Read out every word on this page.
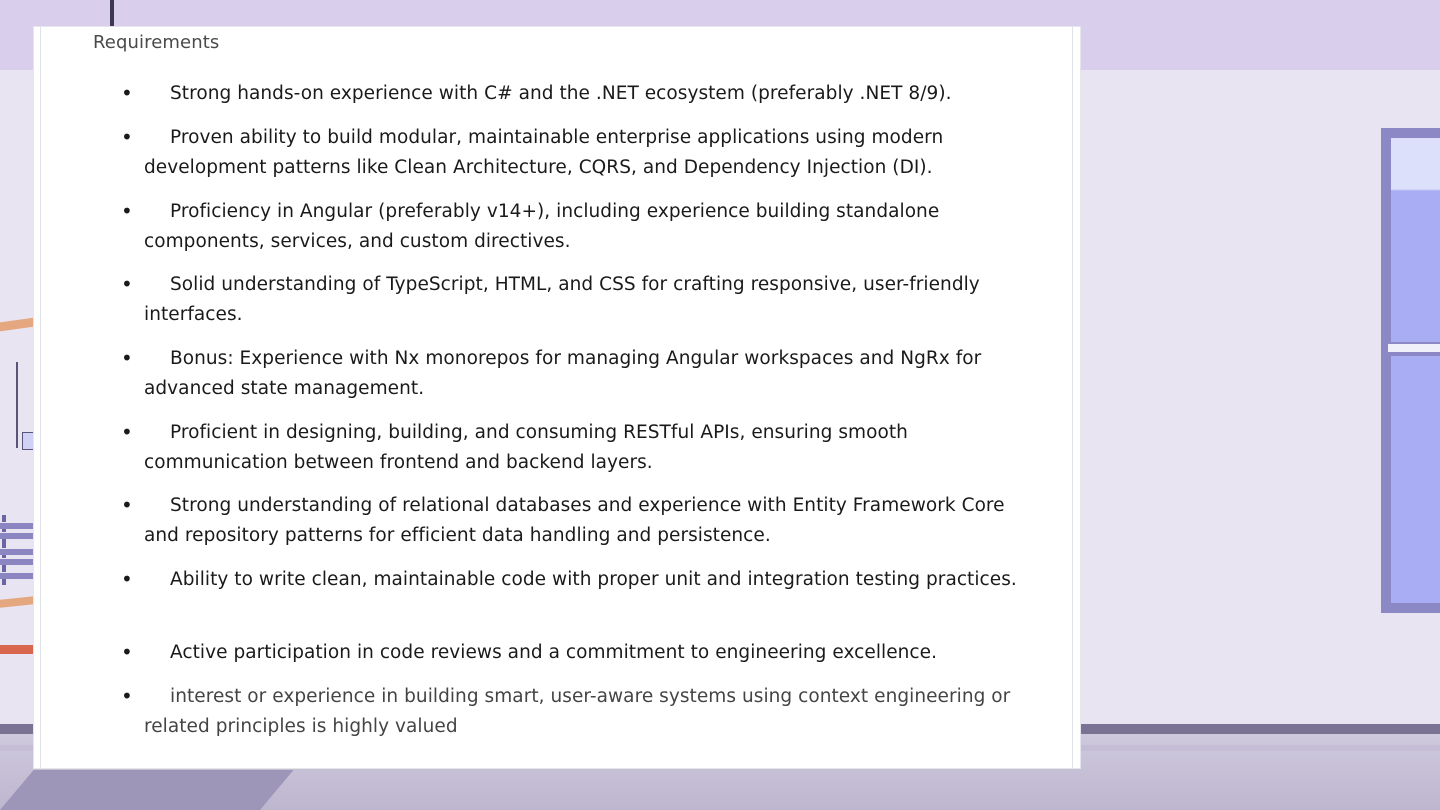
Requirements
•	Strong hands-on experience with C# and the .NET ecosystem (preferably .NET 8/9).

•	Proven ability to build modular, maintainable enterprise applications using modern development patterns like Clean Architecture, CQRS, and Dependency Injection (DI).

•	Proficiency in Angular (preferably v14+), including experience building standalone components, services, and custom directives.

•	Solid understanding of TypeScript, HTML, and CSS for crafting responsive, user-friendly interfaces.

•	Bonus: Experience with Nx monorepos for managing Angular workspaces and NgRx for advanced state management.

•	Proficient in designing, building, and consuming RESTful APIs, ensuring smooth communication between frontend and backend layers.

•	Strong understanding of relational databases and experience with Entity Framework Core and repository patterns for efficient data handling and persistence.

•	Ability to write clean, maintainable code with proper unit and integration testing practices.

•	Active participation in code reviews and a commitment to engineering excellence.

•	interest or experience in building smart, user-aware systems using context engineering or related principles is highly valued
